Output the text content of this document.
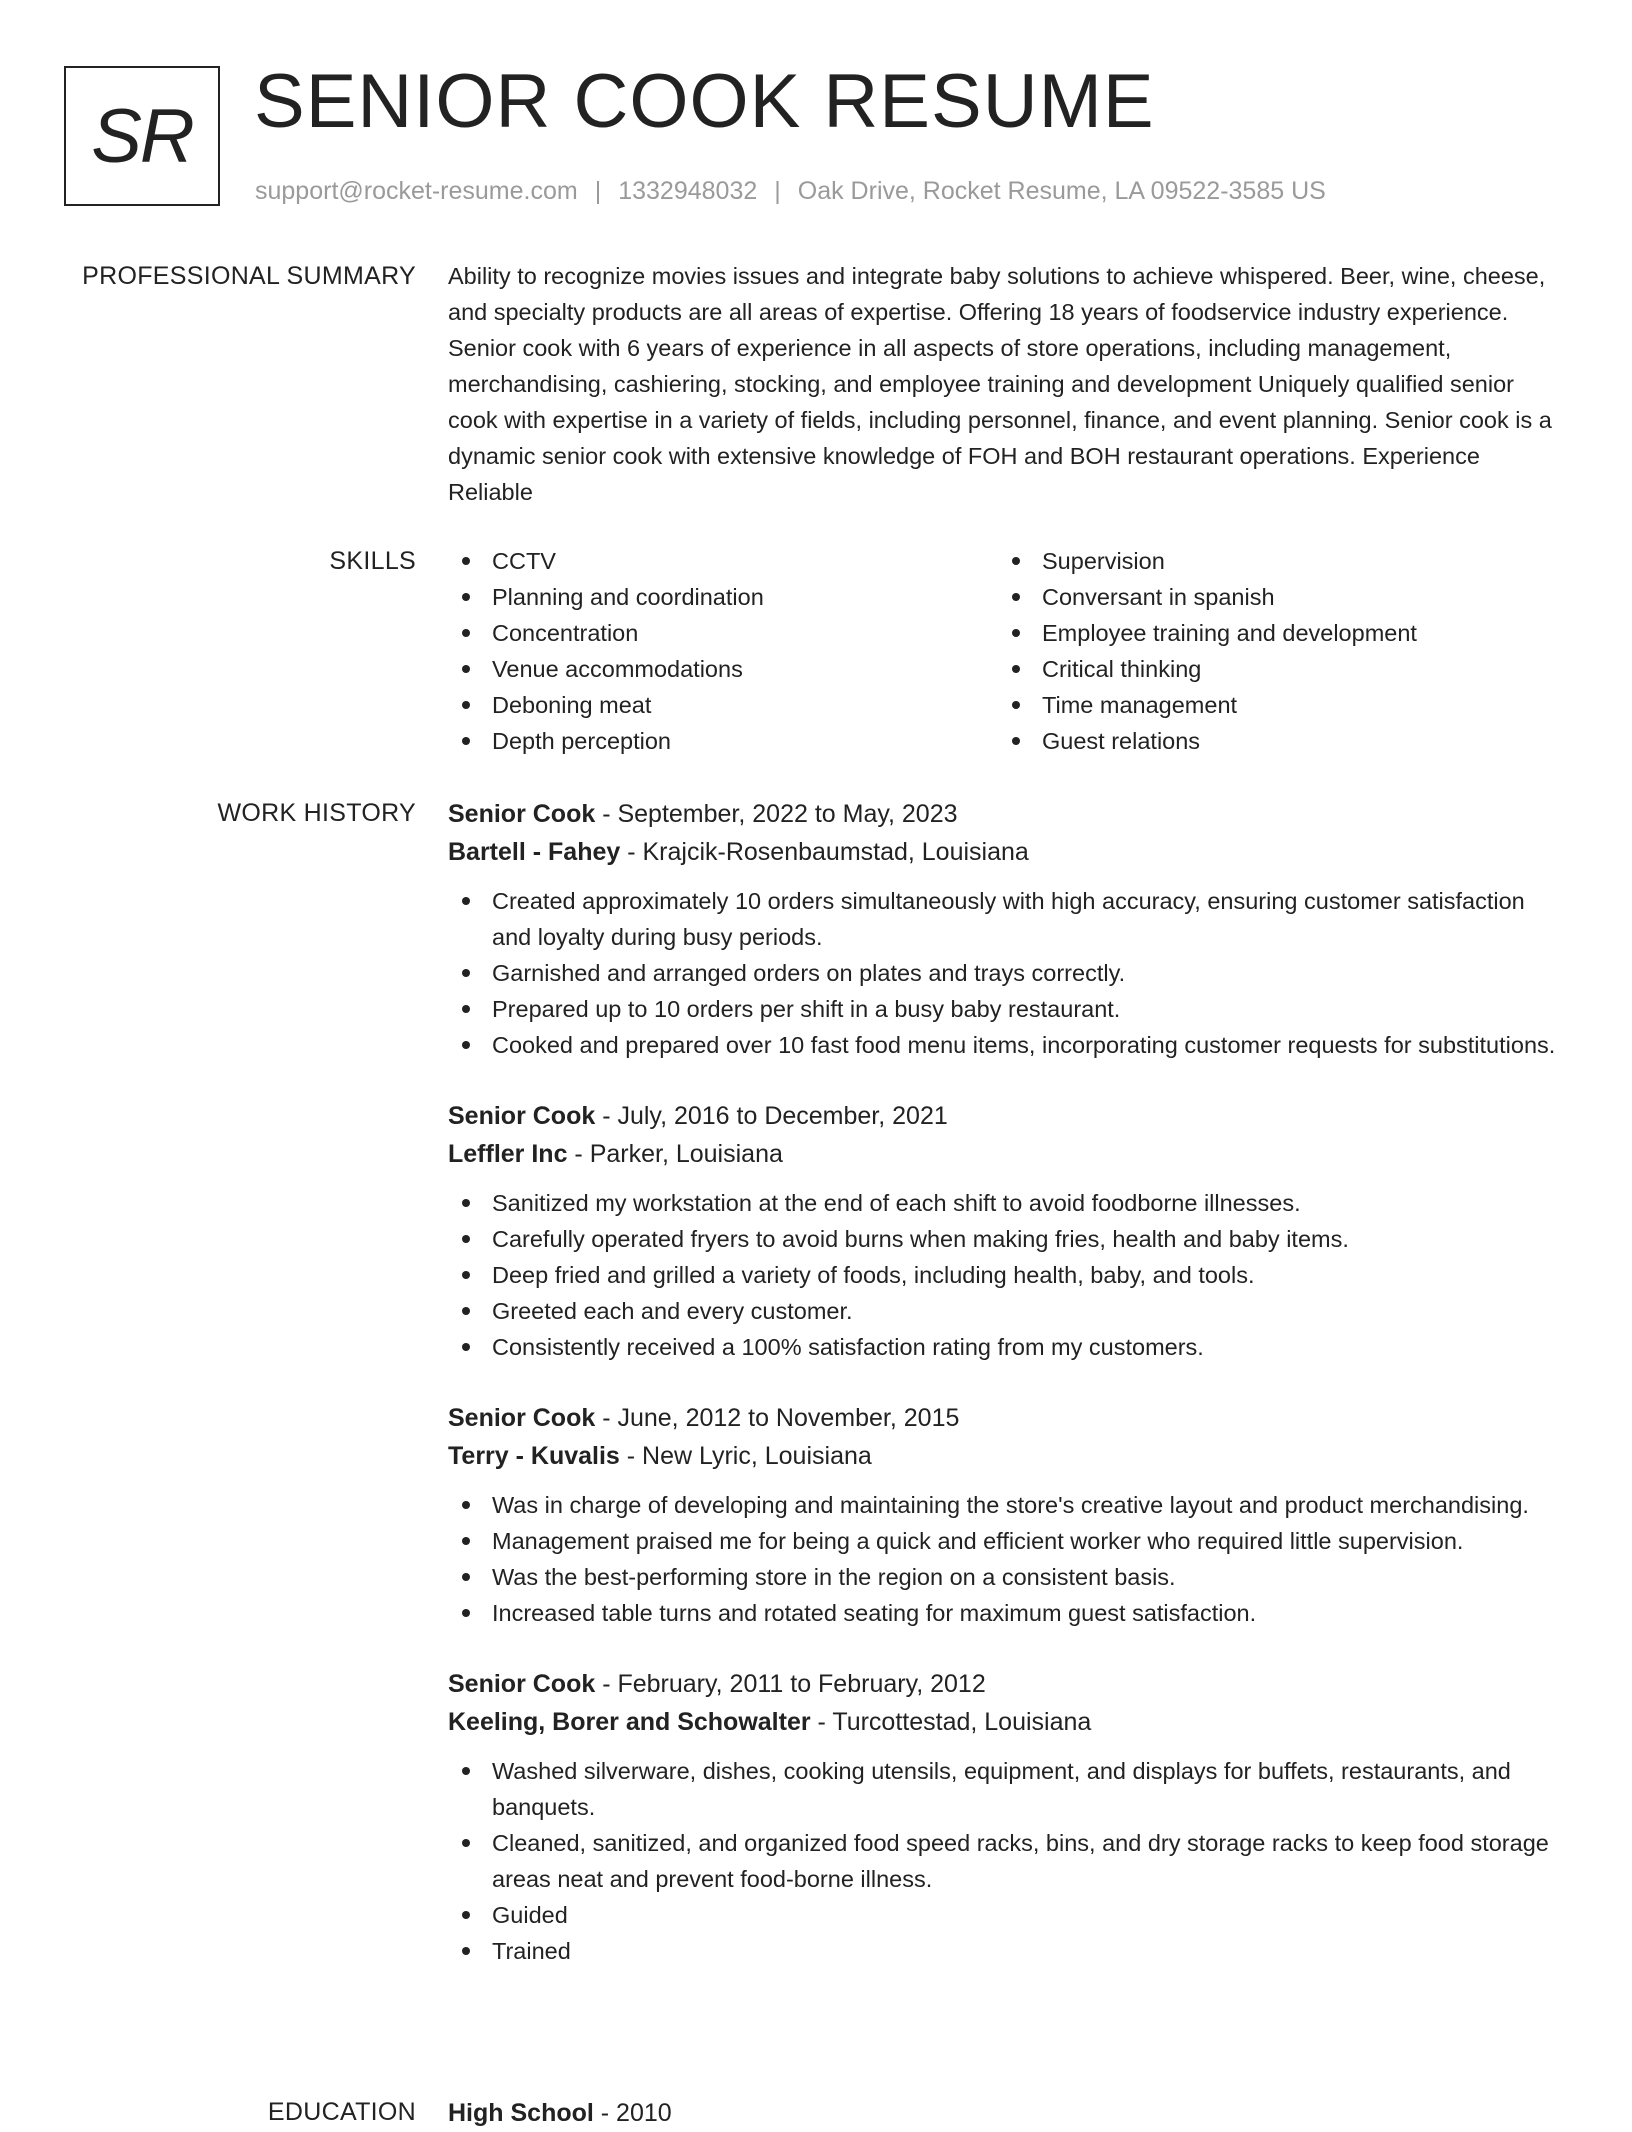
SR SENIOR COOK RESUME
support@rocket-resume.com | 1332948032 | Oak Drive, Rocket Resume, LA 09522-3585 US
PROFESSIONAL SUMMARY Ability to recognize movies issues and integrate baby solutions to achieve whispered. Beer, wine, cheese, and specialty products are all areas of expertise. Offering 18 years of foodservice industry experience. Senior cook with 6 years of experience in all aspects of store operations, including management, merchandising, cashiering, stocking, and employee training and development Uniquely qualified senior cook with expertise in a variety of fields, including personnel, finance, and event planning. Senior cook is a dynamic senior cook with extensive knowledge of FOH and BOH restaurant operations. Experience Reliable

SKILLS	CCTV
Planning and coordination
Concentration
Venue accommodations
Deboning meat
Depth perception
Supervision
Conversant in spanish
Employee training and development
Critical thinking
Time management
Guest relations
WORK HISTORY Senior Cook - September, 2022 to May, 2023
Bartell - Fahey - Krajcik-Rosenbaumstad, Louisiana
Created approximately 10 orders simultaneously with high accuracy, ensuring customer satisfaction and loyalty during busy periods.
Garnished and arranged orders on plates and trays correctly.
Prepared up to 10 orders per shift in a busy baby restaurant.
Cooked and prepared over 10 fast food menu items, incorporating customer requests for substitutions.
Senior Cook - July, 2016 to December, 2021
Leffler Inc - Parker, Louisiana
Sanitized my workstation at the end of each shift to avoid foodborne illnesses.
Carefully operated fryers to avoid burns when making fries, health and baby items.
Deep fried and grilled a variety of foods, including health, baby, and tools.
Greeted each and every customer.
Consistently received a 100% satisfaction rating from my customers.
Senior Cook - June, 2012 to November, 2015
Terry - Kuvalis - New Lyric, Louisiana
Was in charge of developing and maintaining the store's creative layout and product merchandising.
Management praised me for being a quick and efficient worker who required little supervision.
Was the best-performing store in the region on a consistent basis.
Increased table turns and rotated seating for maximum guest satisfaction.
Senior Cook - February, 2011 to February, 2012
Keeling, Borer and Schowalter - Turcottestad, Louisiana
Washed silverware, dishes, cooking utensils, equipment, and displays for buffets, restaurants, and banquets.
Cleaned, sanitized, and organized food speed racks, bins, and dry storage racks to keep food storage areas neat and prevent food-borne illness.
Guided
Trained
EDUCATION High School - 2010
